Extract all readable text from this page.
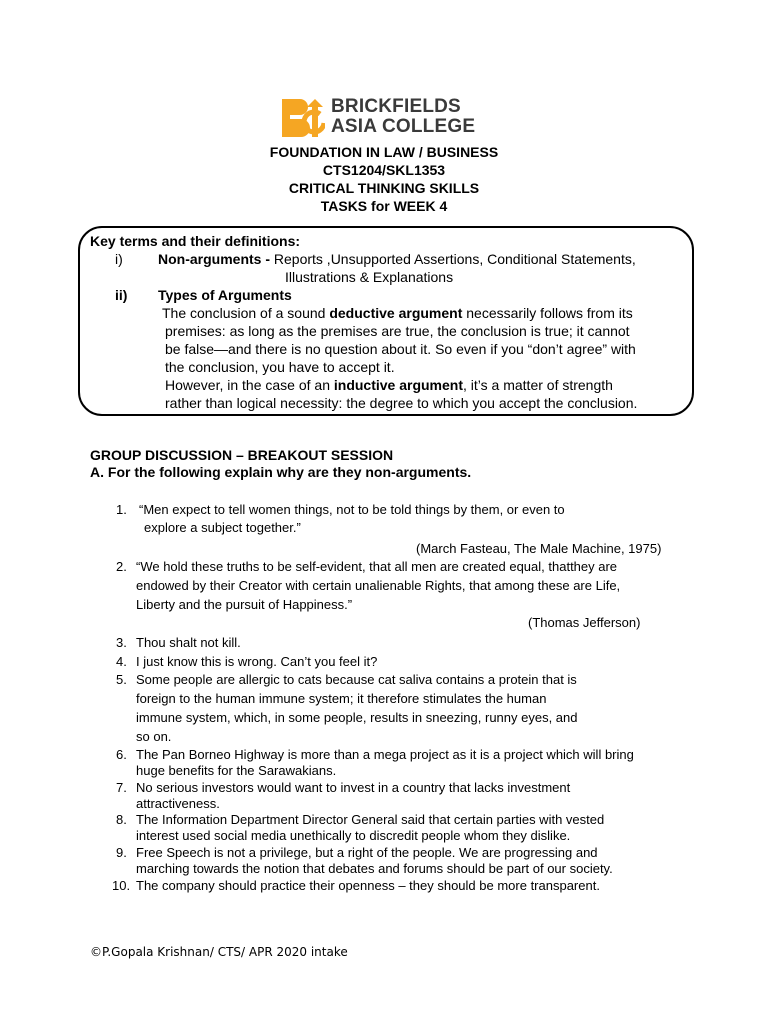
BRICKFIELDS
ASIA COLLEGE
FOUNDATION IN LAW / BUSINESS
CTS1204/SKL1353
CRITICAL THINKING SKILLS
TASKS for WEEK 4
Key terms and their definitions:
i)	Non-arguments - Reports ,Unsupported Assertions, Conditional Statements,
Illustrations & Explanations
ii) Types of Arguments
The conclusion of a sound deductive argument necessarily follows from its
premises: as long as the premises are true, the conclusion is true; it cannot
be false—and there is no question about it. So even if you “don’t agree” with
the conclusion, you have to accept it.
However, in the case of an inductive argument, it’s a matter of strength
rather than logical necessity: the degree to which you accept the conclusion.
GROUP DISCUSSION – BREAKOUT SESSION
A. For the following explain why are they non-arguments.
1. “Men expect to tell women things, not to be told things by them, or even to
explore a subject together.”
(March Fasteau, The Male Machine, 1975)
2. “We hold these truths to be self-evident, that all men are created equal, thatthey are
endowed by their Creator with certain unalienable Rights, that among these are Life,
Liberty and the pursuit of Happiness.”
(Thomas Jefferson)
3. Thou shalt not kill.
4. I just know this is wrong. Can’t you feel it?
5. Some people are allergic to cats because cat saliva contains a protein that is
foreign to the human immune system; it therefore stimulates the human
immune system, which, in some people, results in sneezing, runny eyes, and
so on.
6. The Pan Borneo Highway is more than a mega project as it is a project which will bring
huge benefits for the Sarawakians.
7. No serious investors would want to invest in a country that lacks investment
attractiveness.
8. The Information Department Director General said that certain parties with vested
interest used social media unethically to discredit people whom they dislike.
9. Free Speech is not a privilege, but a right of the people. We are progressing and
marching towards the notion that debates and forums should be part of our society.
10. The company should practice their openness – they should be more transparent.
©P.Gopala Krishnan/ CTS/ APR 2020 intake
